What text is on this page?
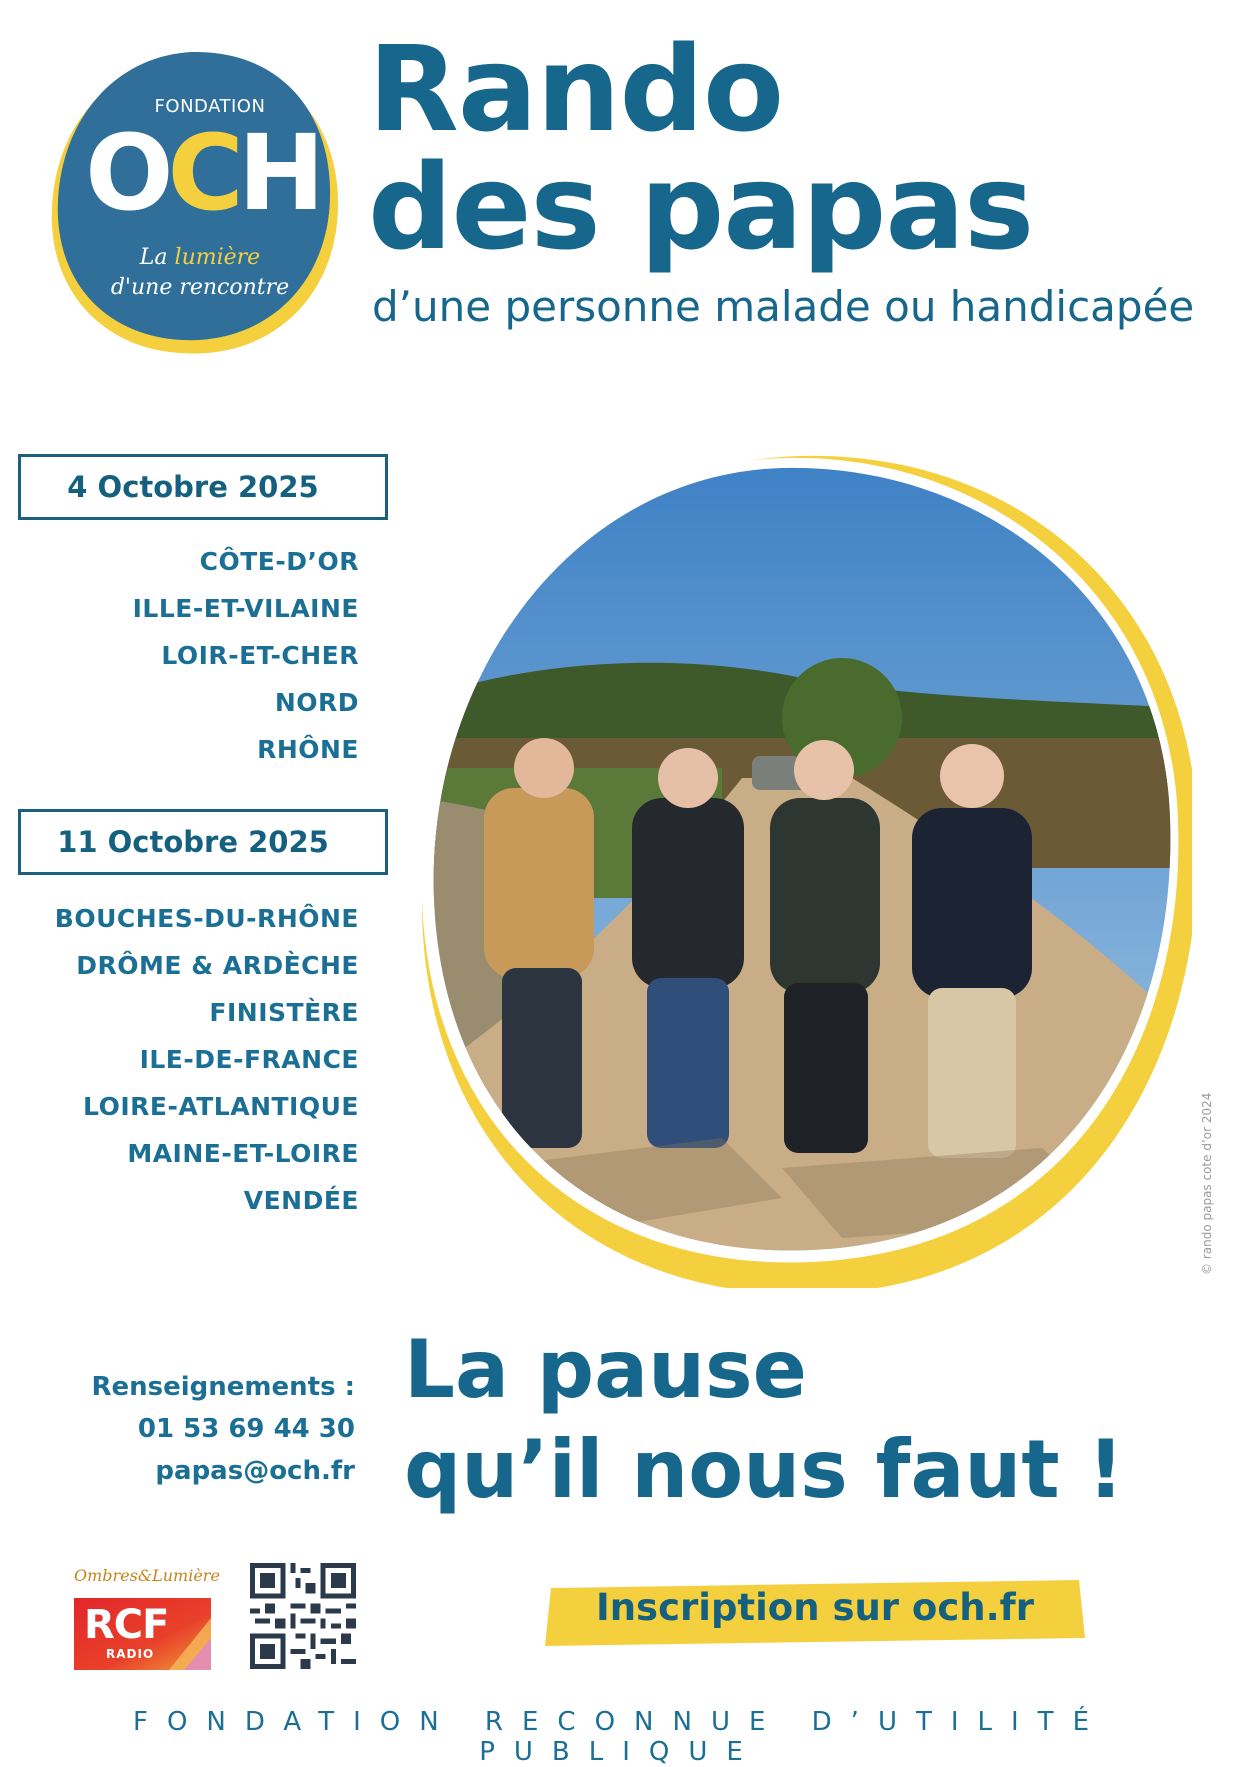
FONDATION
OCH
La lumière
d'une rencontre
Rando
des papas
d’une personne malade ou handicapée
4 Octobre 2025
CÔTE-D’OR
ILLE-ET-VILAINE
LOIR-ET-CHER
NORD
RHÔNE
11 Octobre 2025
BOUCHES-DU-RHÔNE
DRÔME & ARDÈCHE
FINISTÈRE
ILE-DE-FRANCE
LOIRE-ATLANTIQUE
MAINE-ET-LOIRE
VENDÉE	© rando papas cote d’or 2024
Renseignements :
01 53 69 44 30
papas@och.fr
La pause
qu’il nous faut !
Ombres&Lumière
RCF
RADIO
Inscription sur och.fr
FONDATION RECONNUE D’UTILITÉ PUBLIQUE
